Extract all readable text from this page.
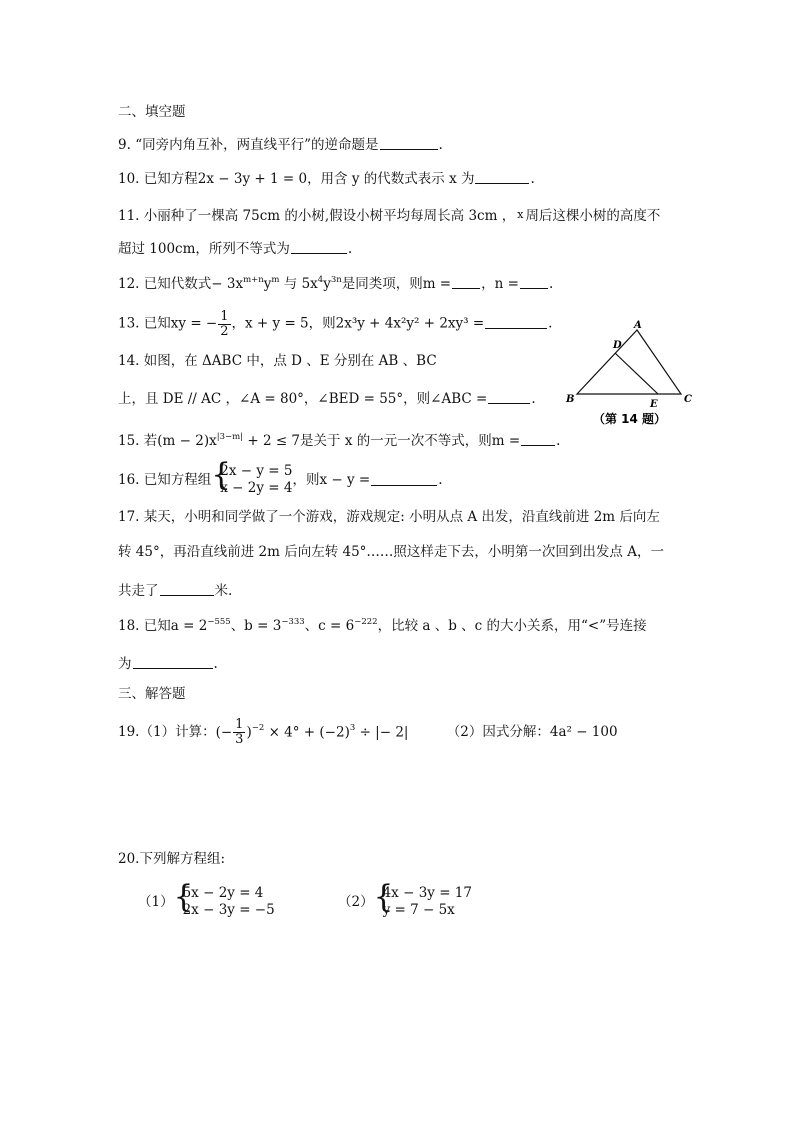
二、填空题
9. “同旁内角互补，两直线平行”的逆命题是	.
10. 已知方程2x − 3y + 1 = 0，用含 y 的代数式表示 x 为	.
11. 小丽种了一棵高 75cm 的小树,假设小树平均每周长高 3cm ， x 周后这棵小树的高度不
超过 100cm，所列不等式为	.
12. 已知代数式− $3x^{m+n}y^m$ 与 $5x^4y^{3n}$是同类项，则m = ，n = .
13. 已知xy = − $\frac{1}{2}$ ，x + y = 5，则2x³y + 4x²y² + 2xy³ =	.
14. 如图，在 ΔABC 中，点 D 、E 分别在 AB 、BC
上，且 DE // AC ，∠A = 80°，∠BED = 55°，则∠ABC =	.
A
D
B	E	C
（第 14 题）
15. 若$(m - 2)x^{|3-m|} + 2 \le 7$是关于 x 的一元一次不等式，则m =	.
16. 已知方程组 {
2x − y = 5
x − 2y = 4
，则x − y =	.
17. 某天，小明和同学做了一个游戏，游戏规定: 小明从点 A 出发，沿直线前进 2m 后向左
转 45°，再沿直线前进 2m 后向左转 45°……照这样走下去，小明第一次回到出发点 A，一
共走了	米.
18. 已知$a = 2^{-555}$、$b = 3^{-333}$、$c = 6^{-222}$，比较 a 、b 、c 的大小关系，用“<”号连接
为	.
三、解答题
19.（1）计算：(− $\frac{1}{3} )^{-2} \times 4^\circ + (-2)^3$ ÷ |− 2|	（2）因式分解：4a² − 100
20.下列解方程组:
（1） {
5x − 2y = 4
2x − 3y = −5
（2） {
4x − 3y = 17
y = 7 − 5x
